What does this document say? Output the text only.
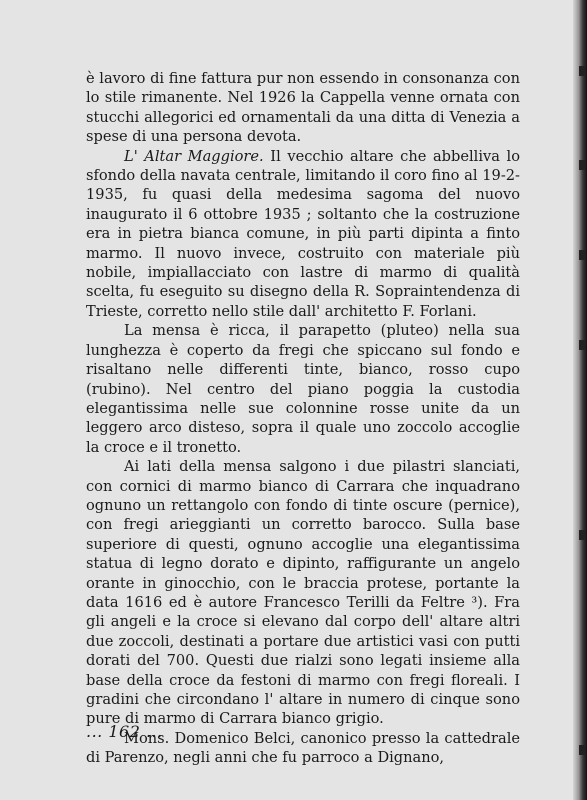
è lavoro di fine fattura pur non essendo in consonanza con lo stile rimanente. Nel 1926 la Cappella venne ornata con stucchi allegorici ed ornamentali da una ditta di Venezia a spese di una persona devota.

L' Altar Maggiore. Il vecchio altare che abbelliva lo sfondo della navata centrale, limitando il coro fino al 19-2-1935, fu quasi della medesima sagoma del nuovo inaugurato il 6 ottobre 1935 ; soltanto che la costruzione era in pietra bianca comune, in più parti dipinta a finto marmo. Il nuovo invece, costruito con materiale più nobile, impiallacciato con lastre di marmo di qualità scelta, fu eseguito su disegno della R. Sopraintendenza di Trieste, corretto nello stile dall' architetto F. Forlani.

La mensa è ricca, il parapetto (pluteo) nella sua lunghezza è coperto da fregi che spiccano sul fondo e risaltano nelle differenti tinte, bianco, rosso cupo (rubino). Nel centro del piano poggia la custodia elegantissima nelle sue colonnine rosse unite da un leggero arco disteso, sopra il quale uno zoccolo accoglie la croce e il tronetto.

Ai lati della mensa salgono i due pilastri slanciati, con cornici di marmo bianco di Carrara che inquadrano ognuno un rettangolo con fondo di tinte oscure (pernice), con fregi arieggianti un corretto barocco. Sulla base superiore di questi, ognuno accoglie una elegantissima statua di legno dorato e dipinto, raffigurante un angelo orante in ginocchio, con le braccia protese, portante la data 1616 ed è autore Francesco Terilli da Feltre ³). Fra gli angeli e la croce si elevano dal corpo dell' altare altri due zoccoli, destinati a portare due artistici vasi con putti dorati del 700. Questi due rialzi sono legati insieme alla base della croce da festoni di marmo con fregi floreali. I gradini che circondano l' altare in numero di cinque sono pure di marmo di Carrara bianco grigio.

Mons. Domenico Belci, canonico presso la cattedrale di Parenzo, negli anni che fu parroco a Dignano,

... 162 ...
